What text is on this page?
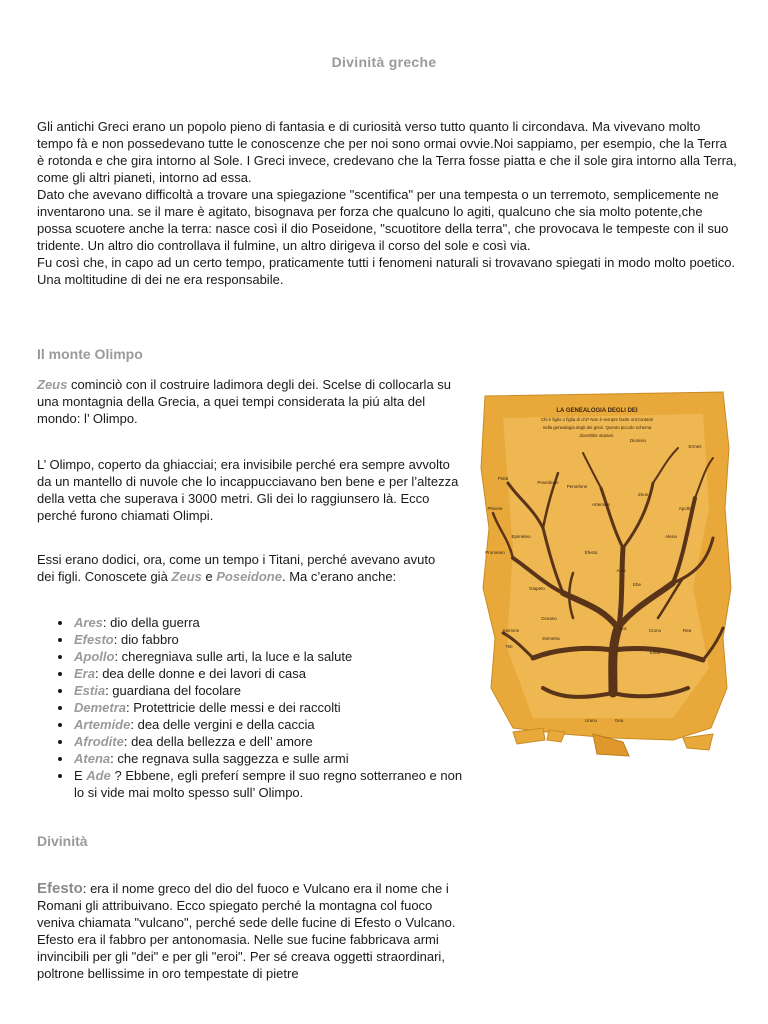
Divinità greche

Gli antichi Greci erano un popolo pieno di fantasia e di curiosità verso tutto quanto li circondava. Ma vivevano molto tempo fà e non possedevano tutte le conoscenze che per noi sono ormai ovvie.Noi sappiamo, per esempio, che la Terra è rotonda e che gira intorno al Sole. I Greci invece, credevano che la Terra fosse piatta e che il sole gira intorno alla Terra, come gli altri pianeti, intorno ad essa.

Dato che avevano difficoltà a trovare una spiegazione "scentifica" per una tempesta o un terremoto, semplicemente ne inventarono una. se il mare è agitato, bisognava per forza che qualcuno lo agiti, qualcuno che sia molto potente,che possa scuotere anche la terra: nasce così il dio Poseidone, "scuotitore della terra", che provocava le tempeste con il suo tridente. Un altro dio controllava il fulmine, un altro dirigeva il corso del sole e così via.

Fu così che, in capo ad un certo tempo, praticamente tutti i fenomeni naturali si trovavano spiegati in modo molto poetico. Una moltitudine di dei ne era responsabile.

Il monte Olimpo

Zeus cominciò con il costruire ladimora degli dei. Scelse di collocarla su una montagnia della Grecia, a quei tempi considerata la piú alta del mondo: l’ Olimpo.

L’ Olimpo, coperto da ghiacciai; era invisibile perché era sempre avvolto da un mantello di nuvole che lo incappucciavano ben bene e per l’altezza della vetta che superava i 3000 metri. Gli dei lo raggiunsero là. Ecco perché furono chiamati Olimpi.

Essi erano dodici, ora, come un tempo i Titani, perché avevano avuto dei figli. Conoscete già Zeus e Poseidone. Ma c’erano anche:

Ares: dio della guerra
Efesto: dio fabbro
Apollo: cheregniava sulle arti, la luce e la salute
Era: dea delle donne e dei lavori di casa
Estia: guardiana del focolare
Demetra: Protettricie delle messi e dei raccolti
Artemide: dea delle vergini e della caccia
Afrodite: dea della bellezza e dell’ amore
Atena: che regnava sulla saggezza e sulle armi
E Ade ? Ebbene, egli preferí sempre il suo regno sotterraneo e non lo si vide mai molto spesso sull’ Olimpo.
Divinità

Efesto: era il nome greco del dio del fuoco e Vulcano era il nome che i Romani gli attribuivano. Ecco spiegato perché la montagna col fuoco veniva chiamata "vulcano", perché sede delle fucine di Efesto o Vulcano. Efesto era il fabbro per antonomasia. Nelle sue fucine fabbricava armi invincibili per gli "dei" e per gli "eroi". Per sé creava oggetti straordinari, poltrone bellissime in oro tempestate di pietre

LA GENEALOGIA DEGLI DEI
Chi è figlio o figlia di chi? Non è sempre facile orizzontarsi
nella genealogia degli dei greci. Questo piccolo schema
dovrebbe aiutarvi.
Pietà
Dionisio
Ermes
Poseidone
Zeus
Artemide
Apollo
Persefone
Pleione
Epimeteo
Ares
Efesto
Prometeo
Atena
Giapeto
Ebe
Era
Oceano
Iperione
Teti
Crono	Rea
Demetra
Estia
Urano	Gea
